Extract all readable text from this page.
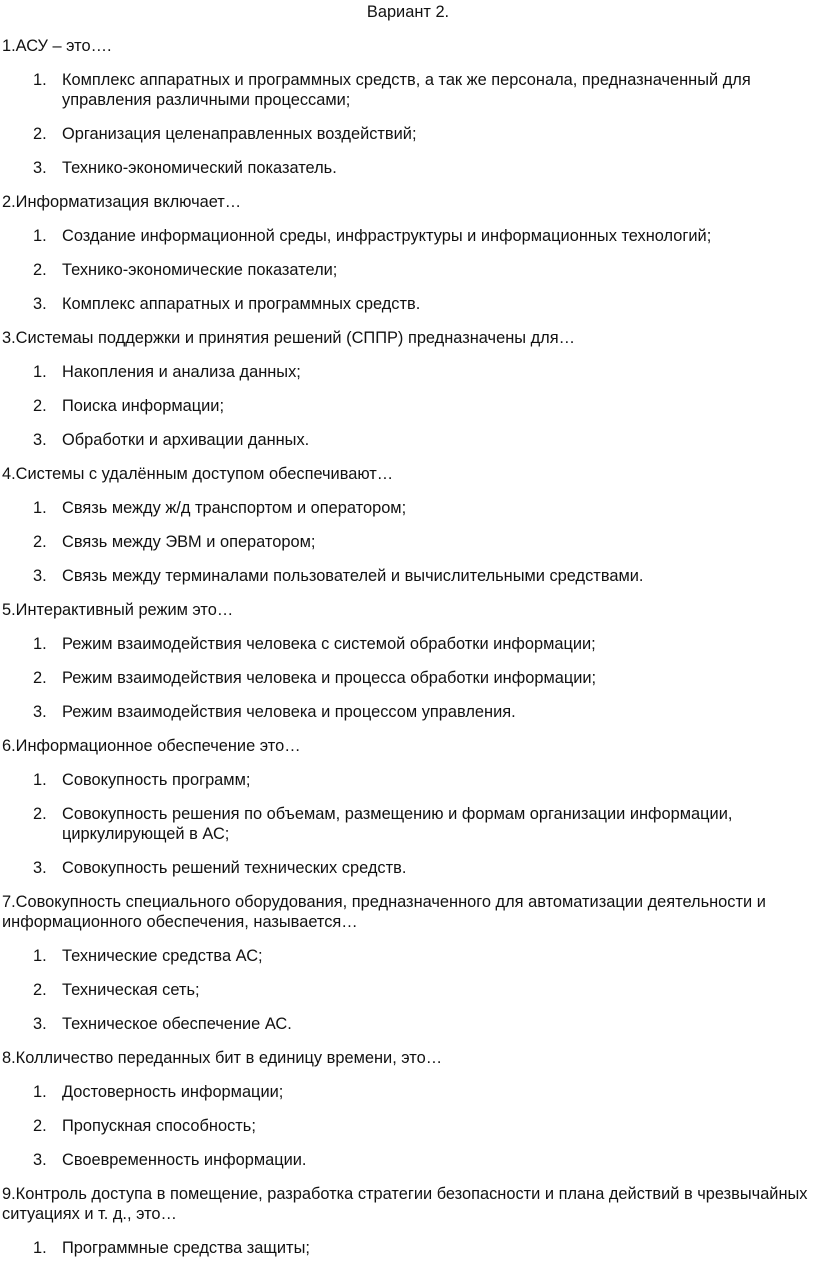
Вариант 2.

1.АСУ – это….

1. Комплекс аппаратных и программных средств, а так же персонала, предназначенный для управления различными процессами;
2. Организация целенаправленных воздействий;
3. Технико-экономический показатель.

2.Информатизация включает…

1. Создание информационной среды, инфраструктуры и информационных технологий;
2. Технико-экономические показатели;
3. Комплекс аппаратных и программных средств.

3.Системаы поддержки и принятия решений (СППР) предназначены для…

1. Накопления и анализа данных;
2. Поиска информации;
3. Обработки и архивации данных.

4.Системы с удалённым доступом обеспечивают…

1. Связь между ж/д транспортом и оператором;
2. Связь между ЭВМ и оператором;
3. Связь между терминалами пользователей и вычислительными средствами.

5.Интерактивный режим это…

1. Режим взаимодействия человека с системой обработки информации;
2. Режим взаимодействия человека и процесса обработки информации;
3. Режим взаимодействия человека и процессом управления.

6.Информационное обеспечение это…

1. Совокупность программ;
2. Совокупность решения по объемам, размещению и формам организации информации, циркулирующей в АС;
3. Совокупность решений технических средств.

7.Совокупность специального оборудования, предназначенного для автоматизации деятельности и информационного обеспечения, называется…

1. Технические средства АС;
2. Техническая сеть;
3. Техническое обеспечение АС.

8.Колличество переданных бит в единицу времени, это…

1. Достоверность информации;
2. Пропускная способность;
3. Своевременность информации.

9.Контроль доступа в помещение, разработка стратегии безопасности и плана действий в чрезвычайных ситуациях и т. д., это…

1. Программные средства защиты;
